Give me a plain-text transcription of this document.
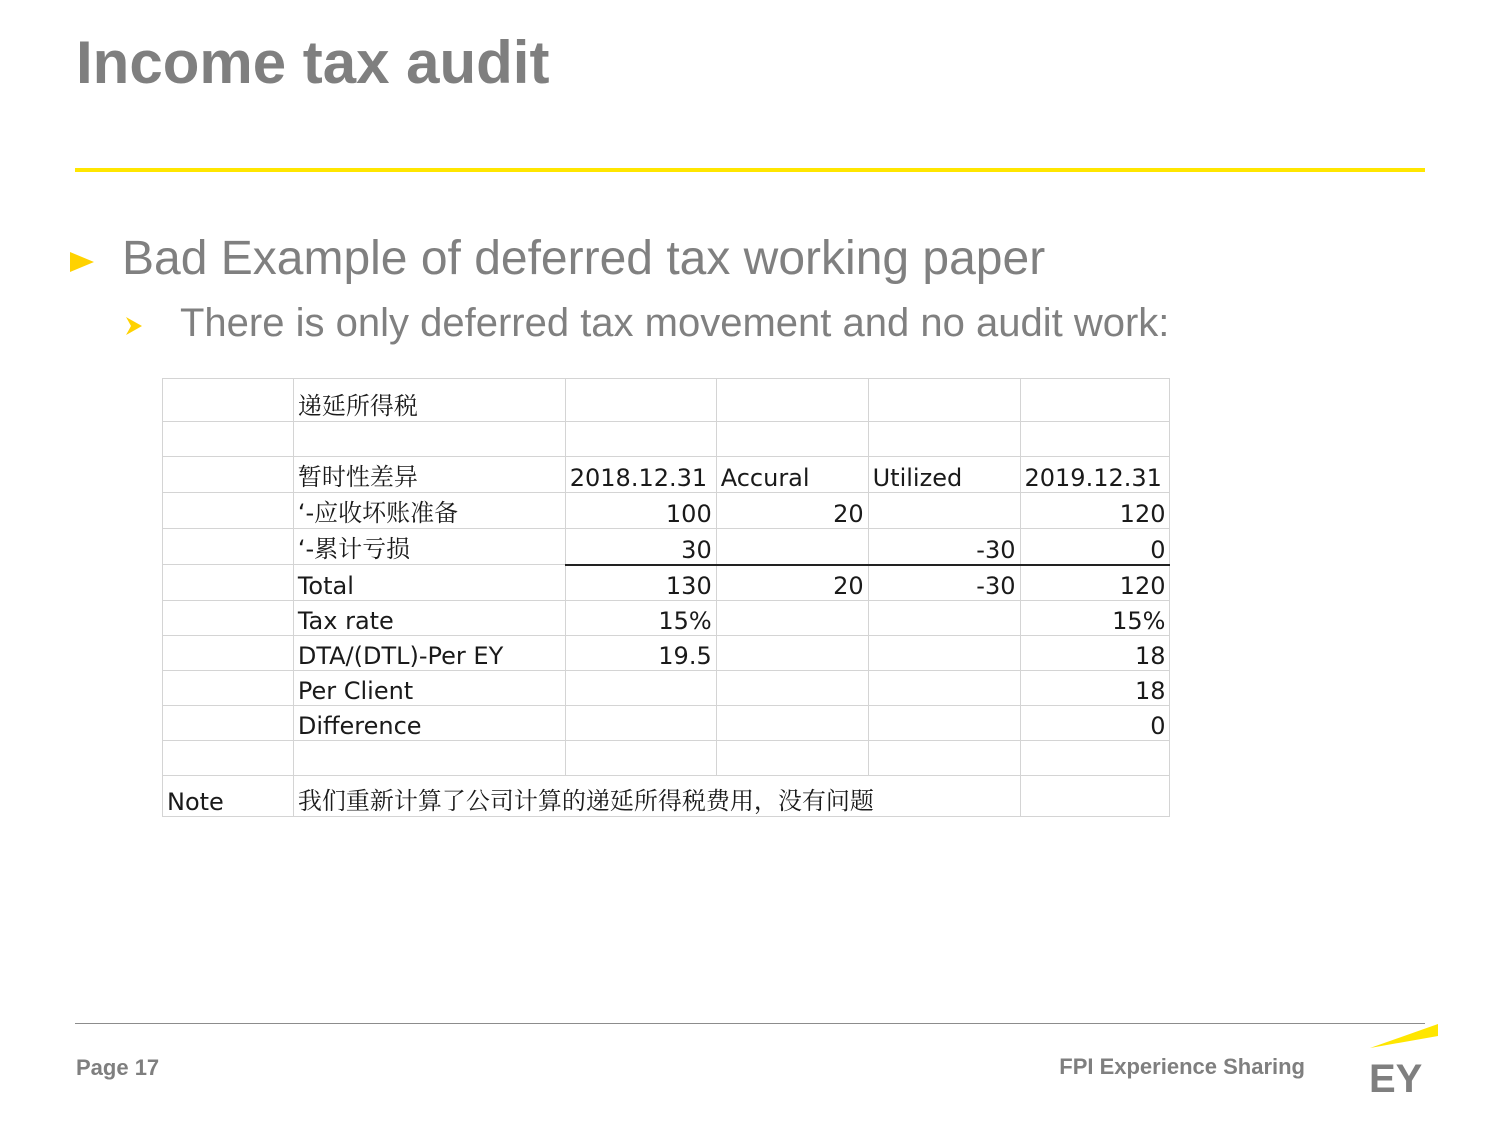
Income tax audit
Bad Example of deferred tax working paper
There is only deferred tax movement and no audit work:
	递延所得税					

	暂时性差异	2018.12.31	Accural	Utilized	2019.12.31	
	‘-应收坏账准备	100	20		120	
	‘-累计亏损	30		-30	0	
	Total	130	20	-30	120	
	Tax rate	15%			15%	
	DTA/(DTL)-Per EY	19.5			18	
	Per Client				18	
	Difference				0	

Note	我们重新计算了公司计算的递延所得税费用，没有问题					
Page 17	FPI Experience Sharing EY
